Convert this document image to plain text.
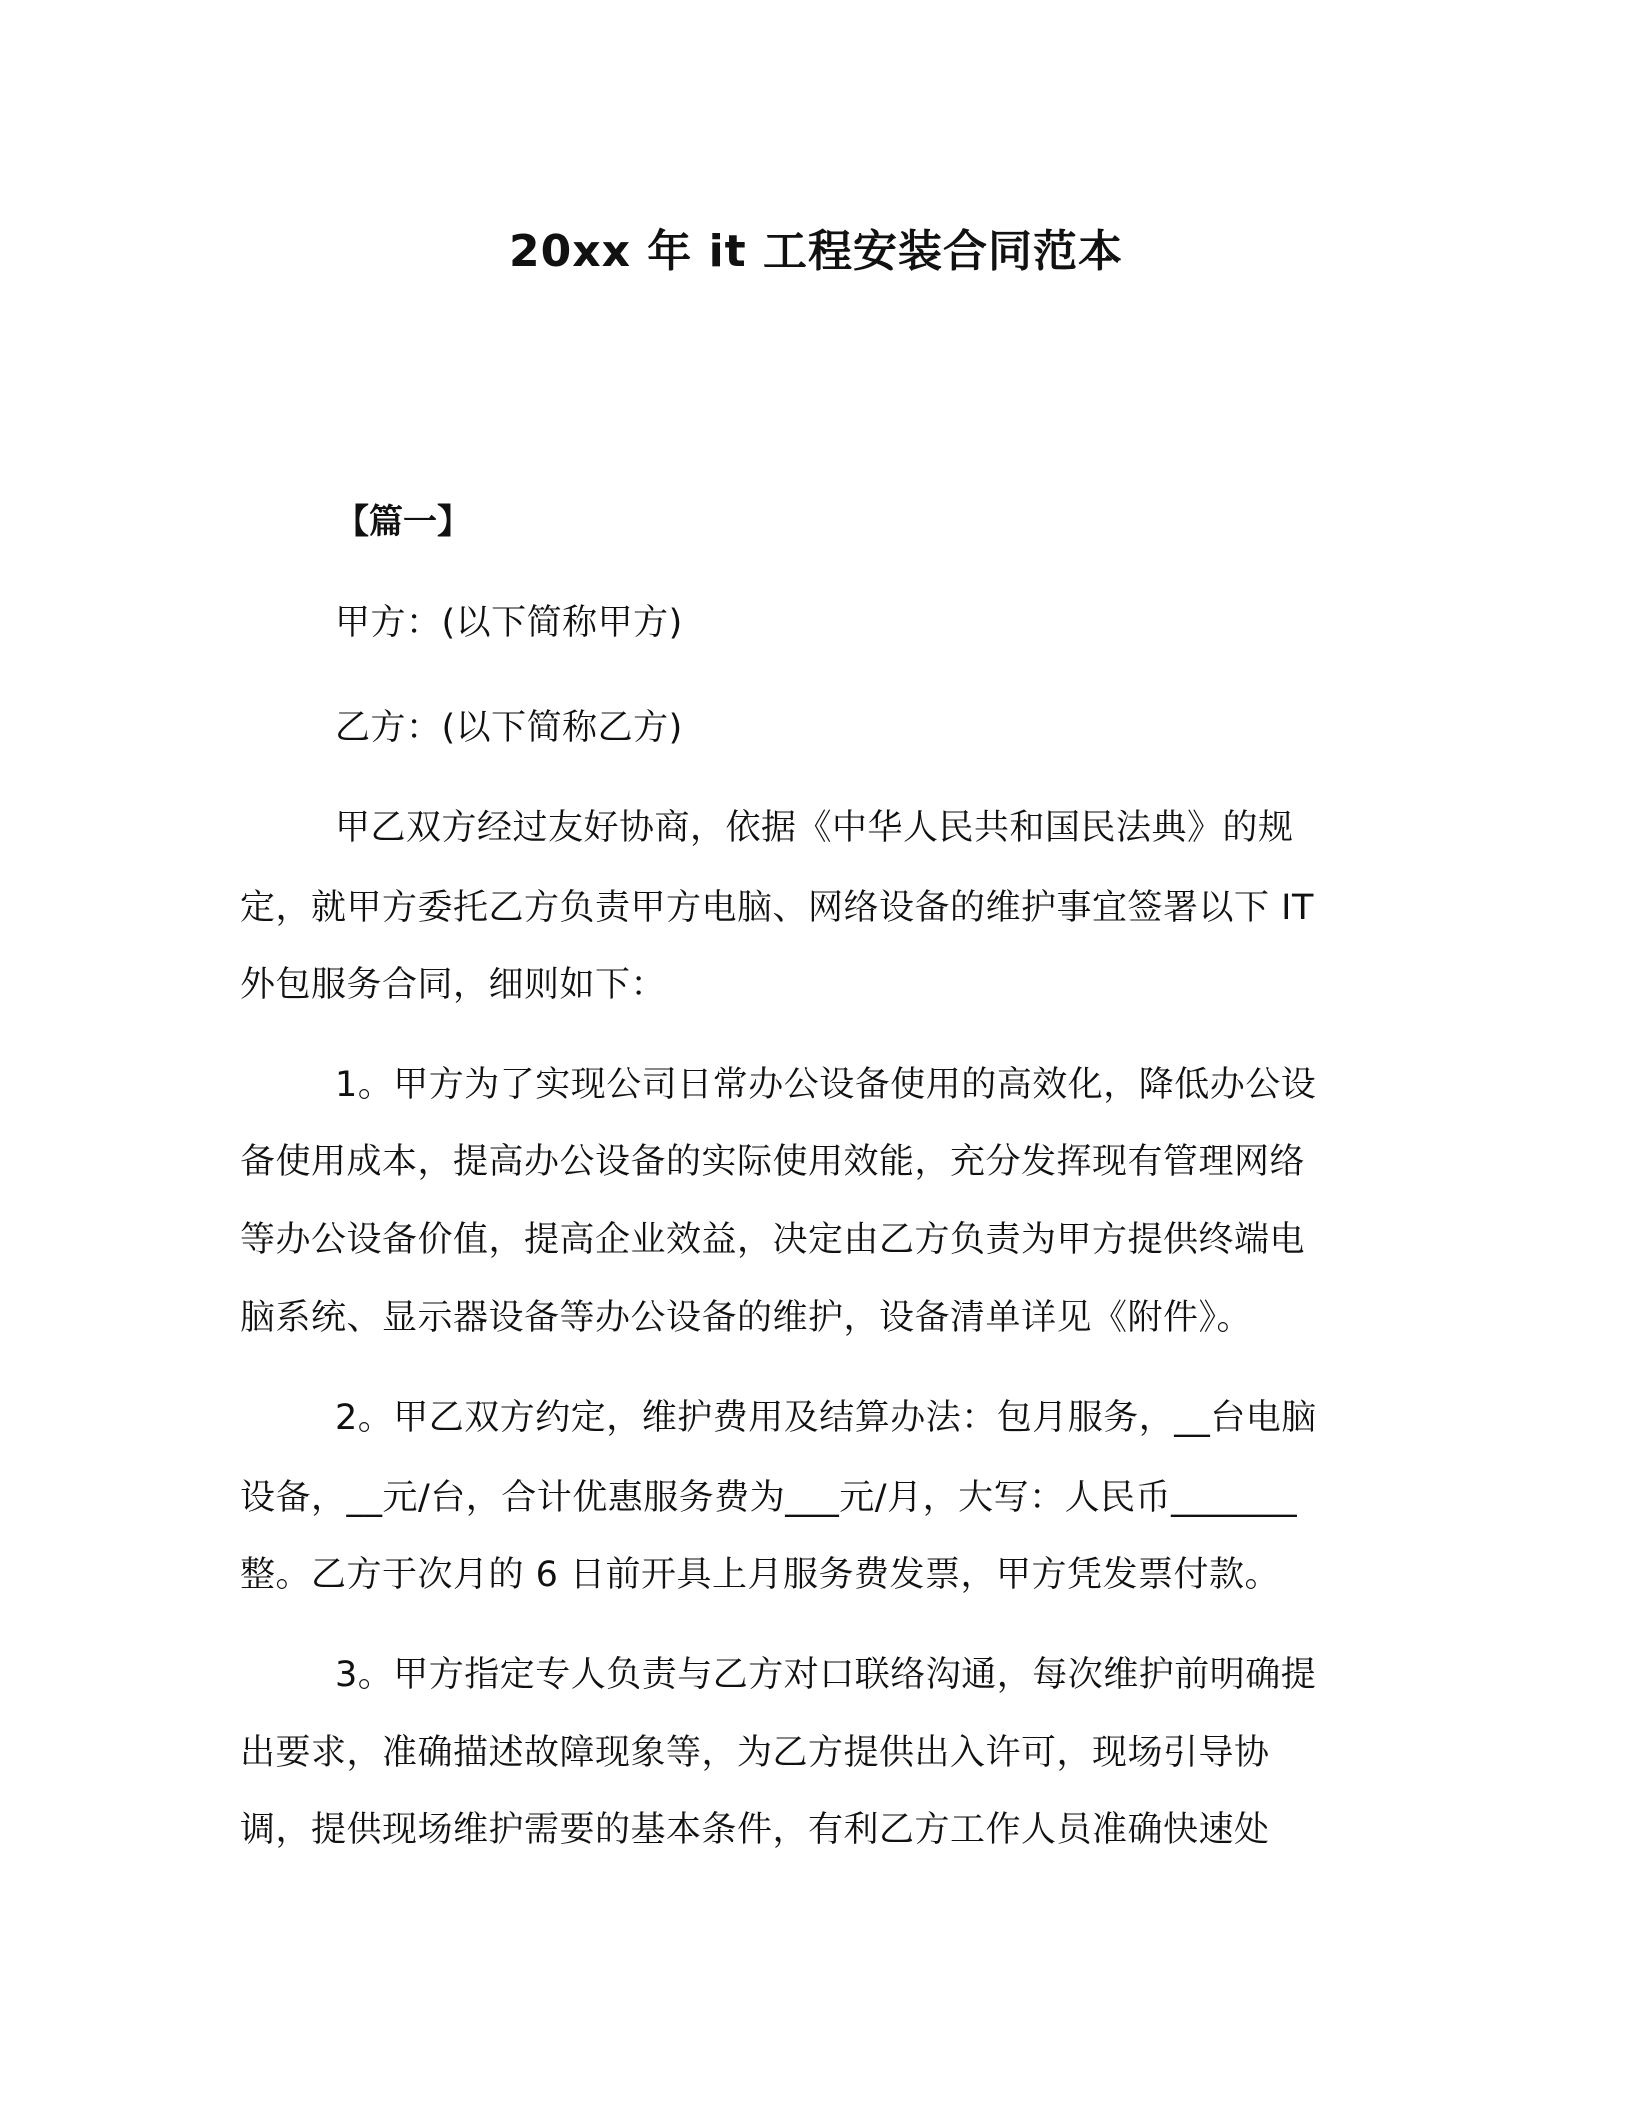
20xx 年 it 工程安装合同范本
【篇一】
甲方：(以下简称甲方)
乙方：(以下简称乙方)
甲乙双方经过友好协商，依据《中华人民共和国民法典》的规
定，就甲方委托乙方负责甲方电脑、网络设备的维护事宜签署以下 IT
外包服务合同，细则如下：
1。甲方为了实现公司日常办公设备使用的高效化，降低办公设
备使用成本，提高办公设备的实际使用效能，充分发挥现有管理网络
等办公设备价值，提高企业效益，决定由乙方负责为甲方提供终端电
脑系统、显示器设备等办公设备的维护，设备清单详见《附件》。
2。甲乙双方约定，维护费用及结算办法：包月服务，__台电脑
设备，__元/台，合计优惠服务费为___元/月，大写：人民币_______
整。乙方于次月的 6 日前开具上月服务费发票，甲方凭发票付款。
3。甲方指定专人负责与乙方对口联络沟通，每次维护前明确提
出要求，准确描述故障现象等，为乙方提供出入许可，现场引导协
调，提供现场维护需要的基本条件，有利乙方工作人员准确快速处
